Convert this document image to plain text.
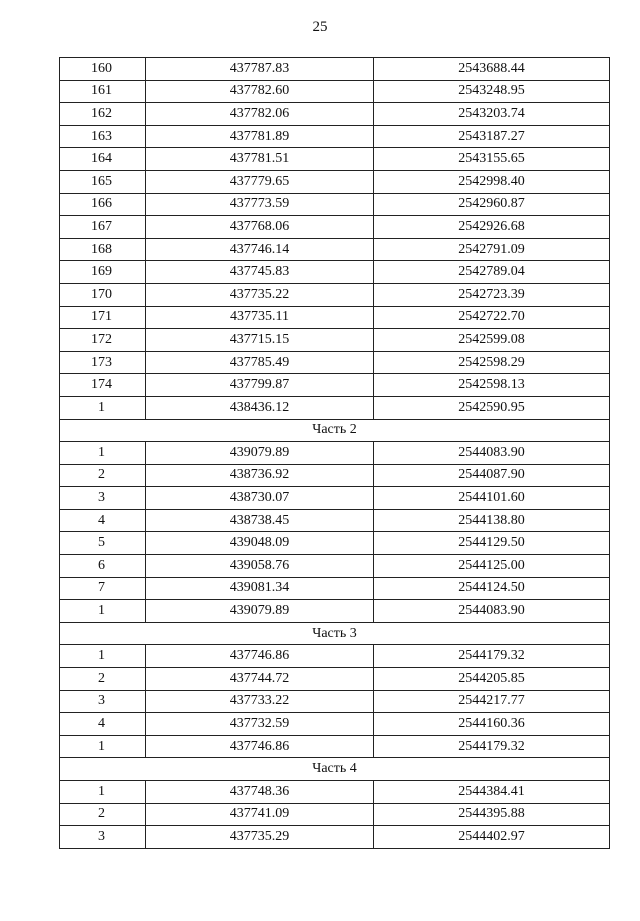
25
160	437787.83	2543688.44
161	437782.60	2543248.95
162	437782.06	2543203.74
163	437781.89	2543187.27
164	437781.51	2543155.65
165	437779.65	2542998.40
166	437773.59	2542960.87
167	437768.06	2542926.68
168	437746.14	2542791.09
169	437745.83	2542789.04
170	437735.22	2542723.39
171	437735.11	2542722.70
172	437715.15	2542599.08
173	437785.49	2542598.29
174	437799.87	2542598.13
1	438436.12	2542590.95
Часть 2		
1	439079.89	2544083.90
2	438736.92	2544087.90
3	438730.07	2544101.60
4	438738.45	2544138.80
5	439048.09	2544129.50
6	439058.76	2544125.00
7	439081.34	2544124.50
1	439079.89	2544083.90
Часть 3		
1	437746.86	2544179.32
2	437744.72	2544205.85
3	437733.22	2544217.77
4	437732.59	2544160.36
1	437746.86	2544179.32
Часть 4		
1	437748.36	2544384.41
2	437741.09	2544395.88
3	437735.29	2544402.97
